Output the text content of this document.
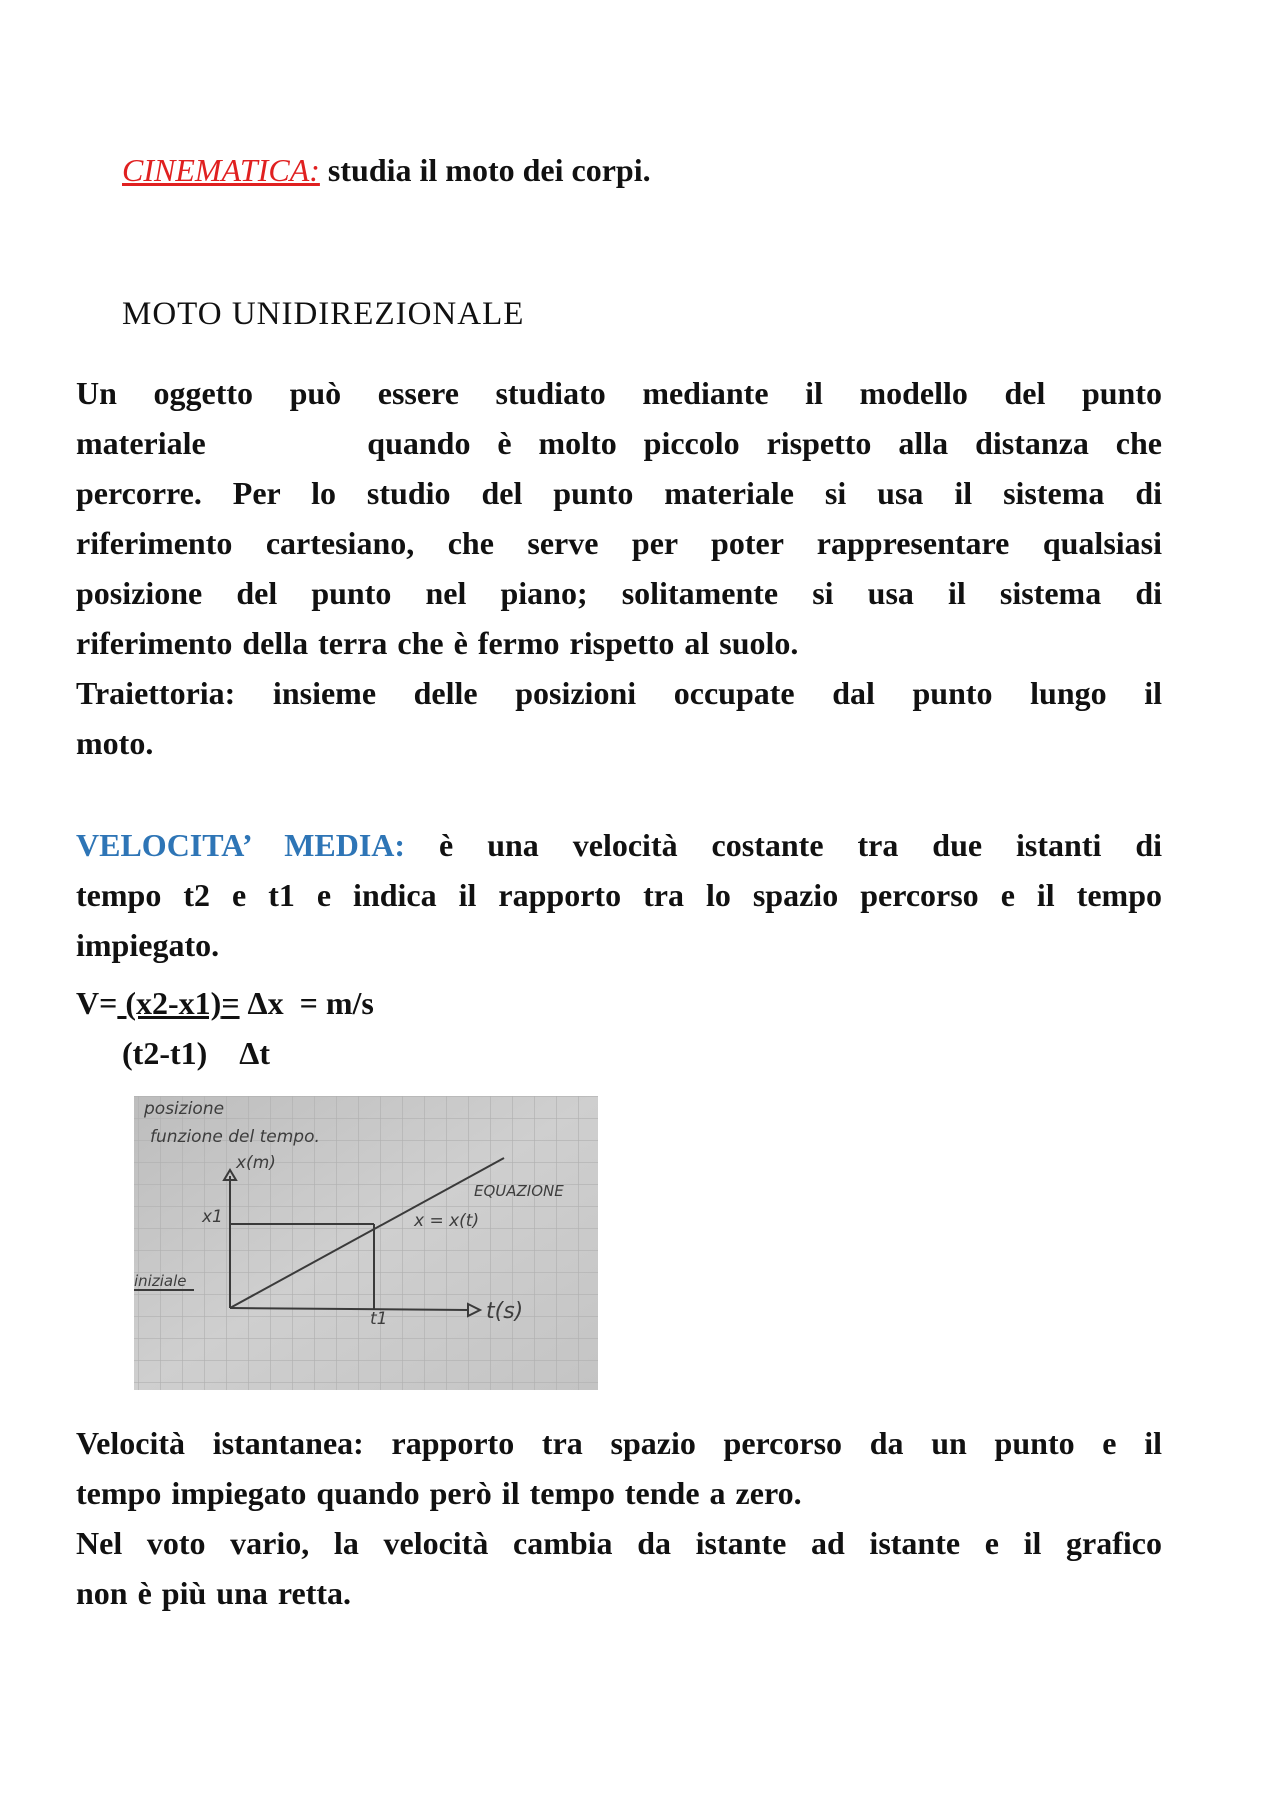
CINEMATICA: studia il moto dei corpi.
MOTO UNIDIREZIONALE
Un oggetto può essere studiato mediante il modello del punto
materiale      quando è molto piccolo rispetto alla distanza che
percorre. Per lo studio del punto materiale si usa il sistema di
riferimento cartesiano, che serve per poter rappresentare qualsiasi
posizione del punto nel piano; solitamente si usa il sistema di
riferimento della terra che è fermo rispetto al suolo.
Traiettoria: insieme delle posizioni occupate dal punto lungo il
moto.
VELOCITA’ MEDIA: è una velocità costante tra due istanti di
tempo t2 e t1 e indica il rapporto tra lo spazio percorso e il tempo
impiegato.
V= (x2-x1)= Δx  = m/s
(t2-t1) Δt
posizione
funzione del tempo.
x(m)
x1
EQUAZIONE
x = x(t)
iniziale
t1	t(s)
Velocità istantanea: rapporto tra spazio percorso da un punto e il
tempo impiegato quando però il tempo tende a zero.
Nel voto vario, la velocità cambia da istante ad istante e il grafico
non è più una retta.
